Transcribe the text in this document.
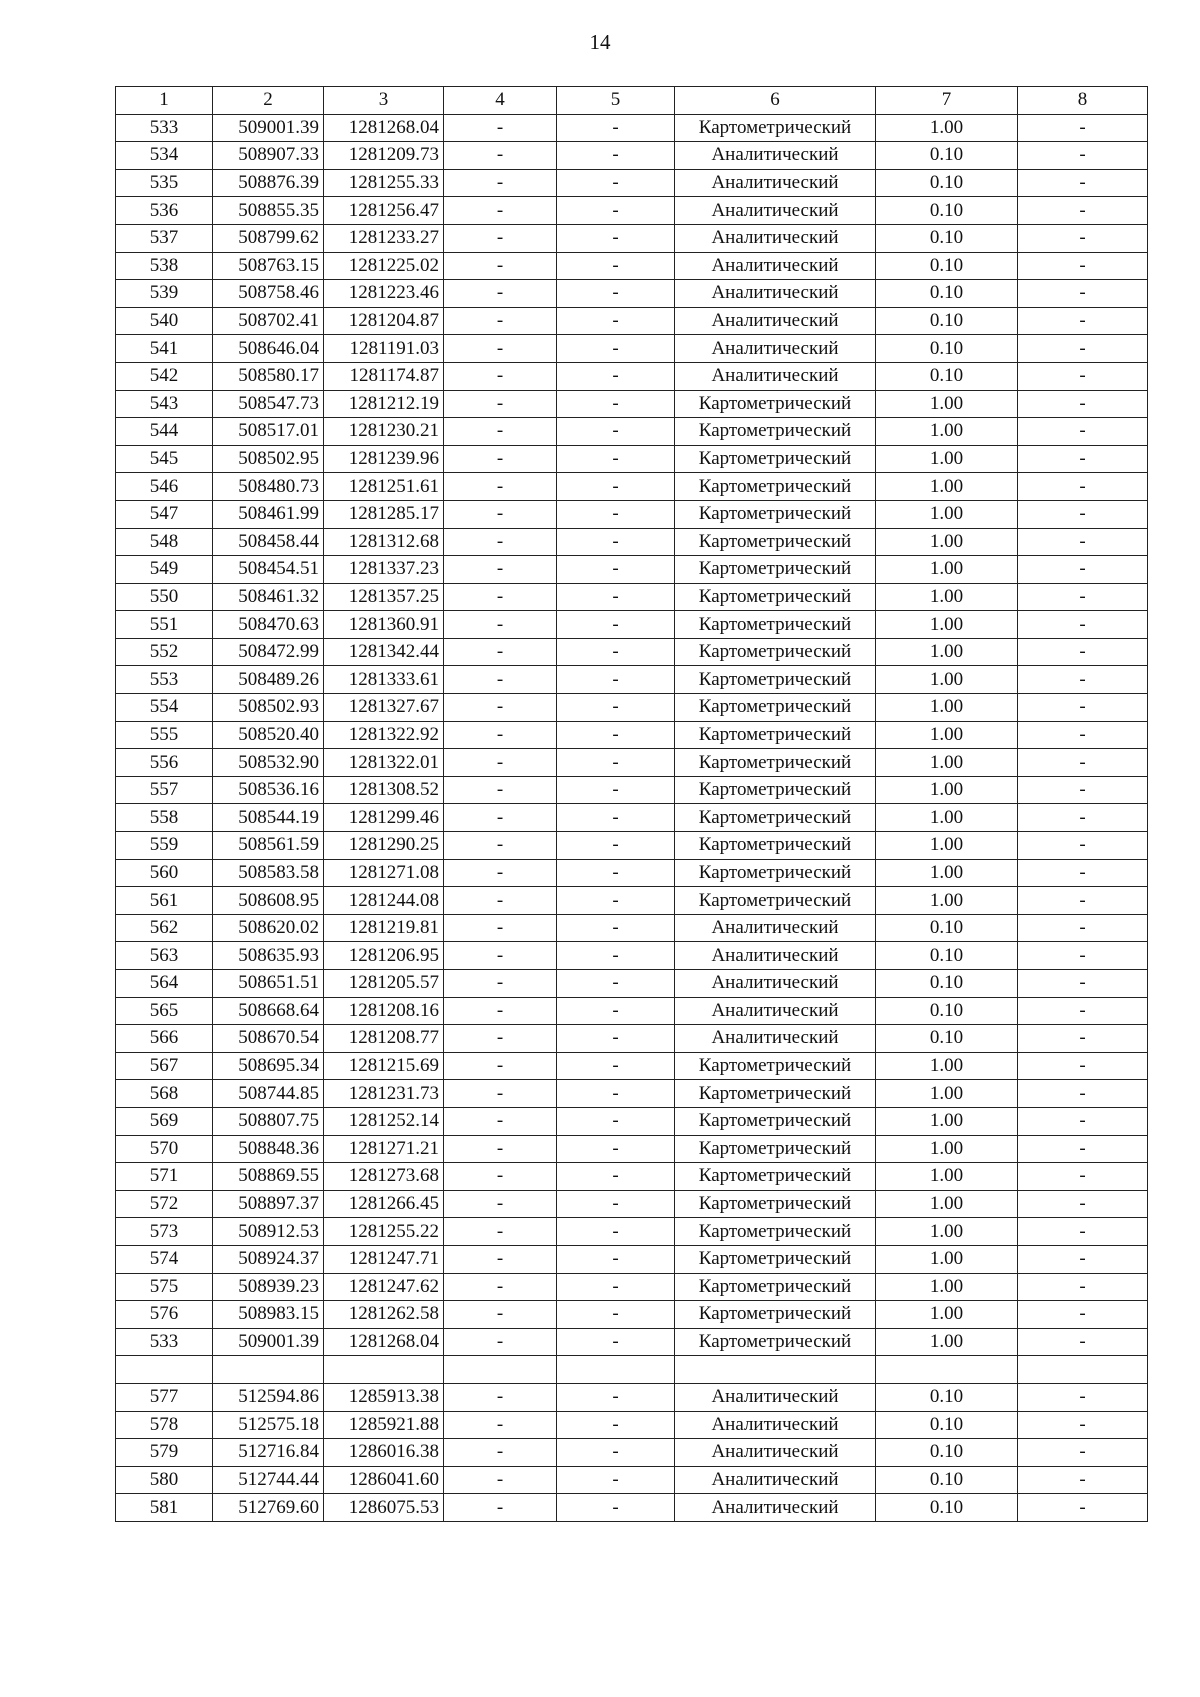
14
1	2	3	4	5	6	7	8
533	509001.39	1281268.04	-	-	Картометрический	1.00	-
534	508907.33	1281209.73	-	-	Аналитический	0.10	-
535	508876.39	1281255.33	-	-	Аналитический	0.10	-
536	508855.35	1281256.47	-	-	Аналитический	0.10	-
537	508799.62	1281233.27	-	-	Аналитический	0.10	-
538	508763.15	1281225.02	-	-	Аналитический	0.10	-
539	508758.46	1281223.46	-	-	Аналитический	0.10	-
540	508702.41	1281204.87	-	-	Аналитический	0.10	-
541	508646.04	1281191.03	-	-	Аналитический	0.10	-
542	508580.17	1281174.87	-	-	Аналитический	0.10	-
543	508547.73	1281212.19	-	-	Картометрический	1.00	-
544	508517.01	1281230.21	-	-	Картометрический	1.00	-
545	508502.95	1281239.96	-	-	Картометрический	1.00	-
546	508480.73	1281251.61	-	-	Картометрический	1.00	-
547	508461.99	1281285.17	-	-	Картометрический	1.00	-
548	508458.44	1281312.68	-	-	Картометрический	1.00	-
549	508454.51	1281337.23	-	-	Картометрический	1.00	-
550	508461.32	1281357.25	-	-	Картометрический	1.00	-
551	508470.63	1281360.91	-	-	Картометрический	1.00	-
552	508472.99	1281342.44	-	-	Картометрический	1.00	-
553	508489.26	1281333.61	-	-	Картометрический	1.00	-
554	508502.93	1281327.67	-	-	Картометрический	1.00	-
555	508520.40	1281322.92	-	-	Картометрический	1.00	-
556	508532.90	1281322.01	-	-	Картометрический	1.00	-
557	508536.16	1281308.52	-	-	Картометрический	1.00	-
558	508544.19	1281299.46	-	-	Картометрический	1.00	-
559	508561.59	1281290.25	-	-	Картометрический	1.00	-
560	508583.58	1281271.08	-	-	Картометрический	1.00	-
561	508608.95	1281244.08	-	-	Картометрический	1.00	-
562	508620.02	1281219.81	-	-	Аналитический	0.10	-
563	508635.93	1281206.95	-	-	Аналитический	0.10	-
564	508651.51	1281205.57	-	-	Аналитический	0.10	-
565	508668.64	1281208.16	-	-	Аналитический	0.10	-
566	508670.54	1281208.77	-	-	Аналитический	0.10	-
567	508695.34	1281215.69	-	-	Картометрический	1.00	-
568	508744.85	1281231.73	-	-	Картометрический	1.00	-
569	508807.75	1281252.14	-	-	Картометрический	1.00	-
570	508848.36	1281271.21	-	-	Картометрический	1.00	-
571	508869.55	1281273.68	-	-	Картометрический	1.00	-
572	508897.37	1281266.45	-	-	Картометрический	1.00	-
573	508912.53	1281255.22	-	-	Картометрический	1.00	-
574	508924.37	1281247.71	-	-	Картометрический	1.00	-
575	508939.23	1281247.62	-	-	Картометрический	1.00	-
576	508983.15	1281262.58	-	-	Картометрический	1.00	-
533	509001.39	1281268.04	-	-	Картометрический	1.00	-

577	512594.86	1285913.38	-	-	Аналитический	0.10	-
578	512575.18	1285921.88	-	-	Аналитический	0.10	-
579	512716.84	1286016.38	-	-	Аналитический	0.10	-
580	512744.44	1286041.60	-	-	Аналитический	0.10	-
581	512769.60	1286075.53	-	-	Аналитический	0.10	-
